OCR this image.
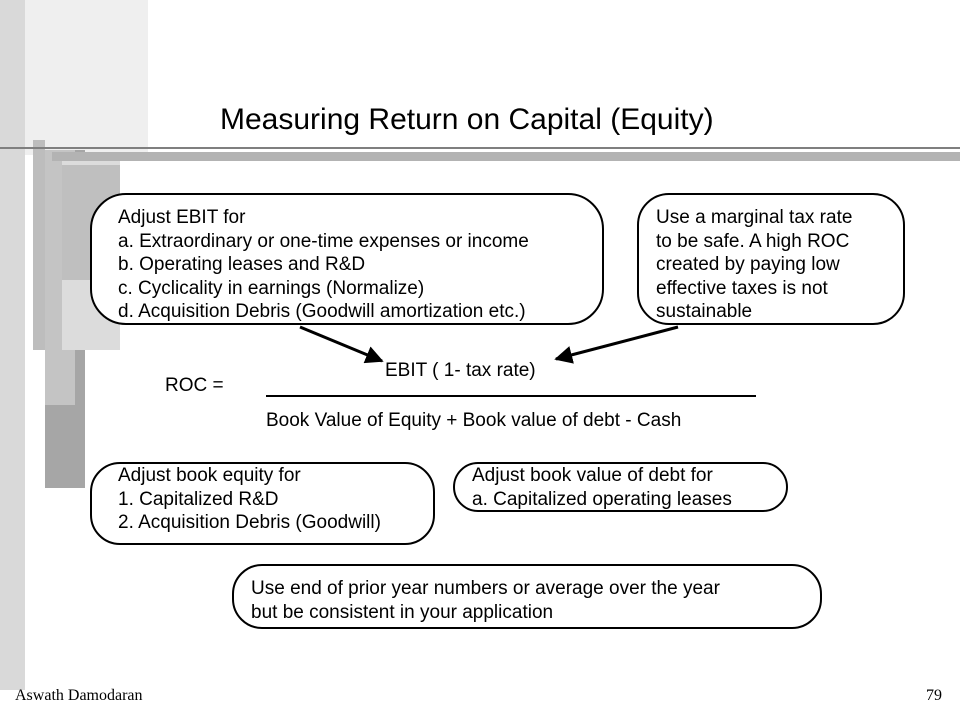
Measuring Return on Capital (Equity)
Adjust EBIT for
a. Extraordinary or one-time expenses or income
b. Operating leases and R&D
c. Cyclicality in earnings (Normalize)
d. Acquisition Debris (Goodwill amortization etc.)
Use a marginal tax rate
to be safe. A high ROC
created by paying low
effective taxes is not
sustainable
ROC =
EBIT ( 1- tax rate)
Book Value of Equity + Book value of debt - Cash
Adjust book equity for
1. Capitalized R&D
2. Acquisition Debris (Goodwill)
Adjust book value of debt for
a. Capitalized operating leases
Use end of prior year numbers or average over the year
but be consistent in your application
Aswath Damodaran	79
